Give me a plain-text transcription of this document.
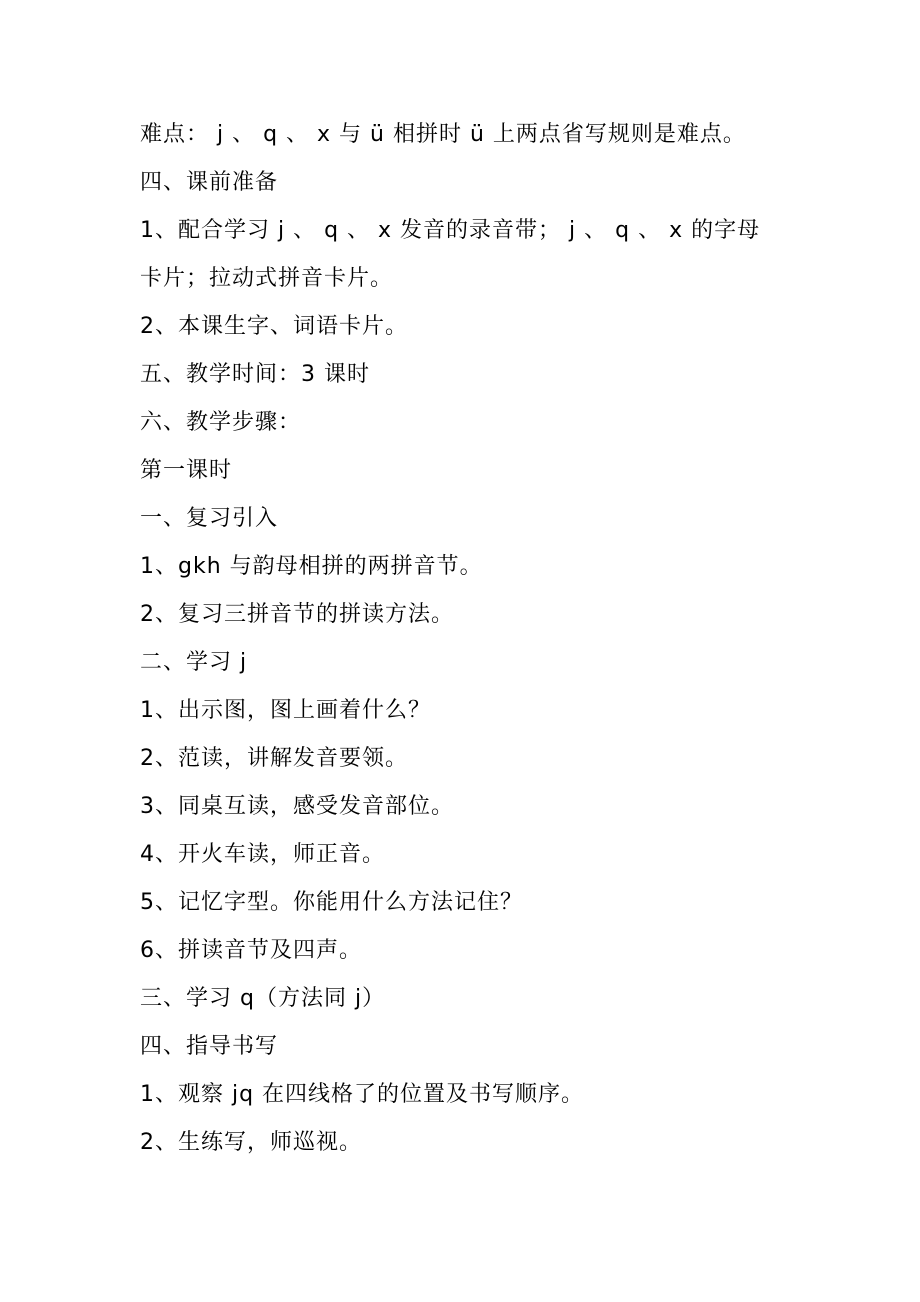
难点： j 、 q 、 x 与 ü 相拼时 ü 上两点省写规则是难点。
四、课前准备
1、配合学习 j 、 q 、 x 发音的录音带； j 、 q 、 x 的字母
卡片；拉动式拼音卡片。
2、本课生字、词语卡片。
五、教学时间：3 课时
六、教学步骤：
第一课时
一、复习引入
1、gkh 与韵母相拼的两拼音节。
2、复习三拼音节的拼读方法。
二、学习 j
1、出示图，图上画着什么？
2、范读，讲解发音要领。
3、同桌互读，感受发音部位。
4、开火车读，师正音。
5、记忆字型。你能用什么方法记住？
6、拼读音节及四声。
三、学习 q（方法同 j）
四、指导书写
1、观察 jq 在四线格了的位置及书写顺序。
2、生练写，师巡视。
